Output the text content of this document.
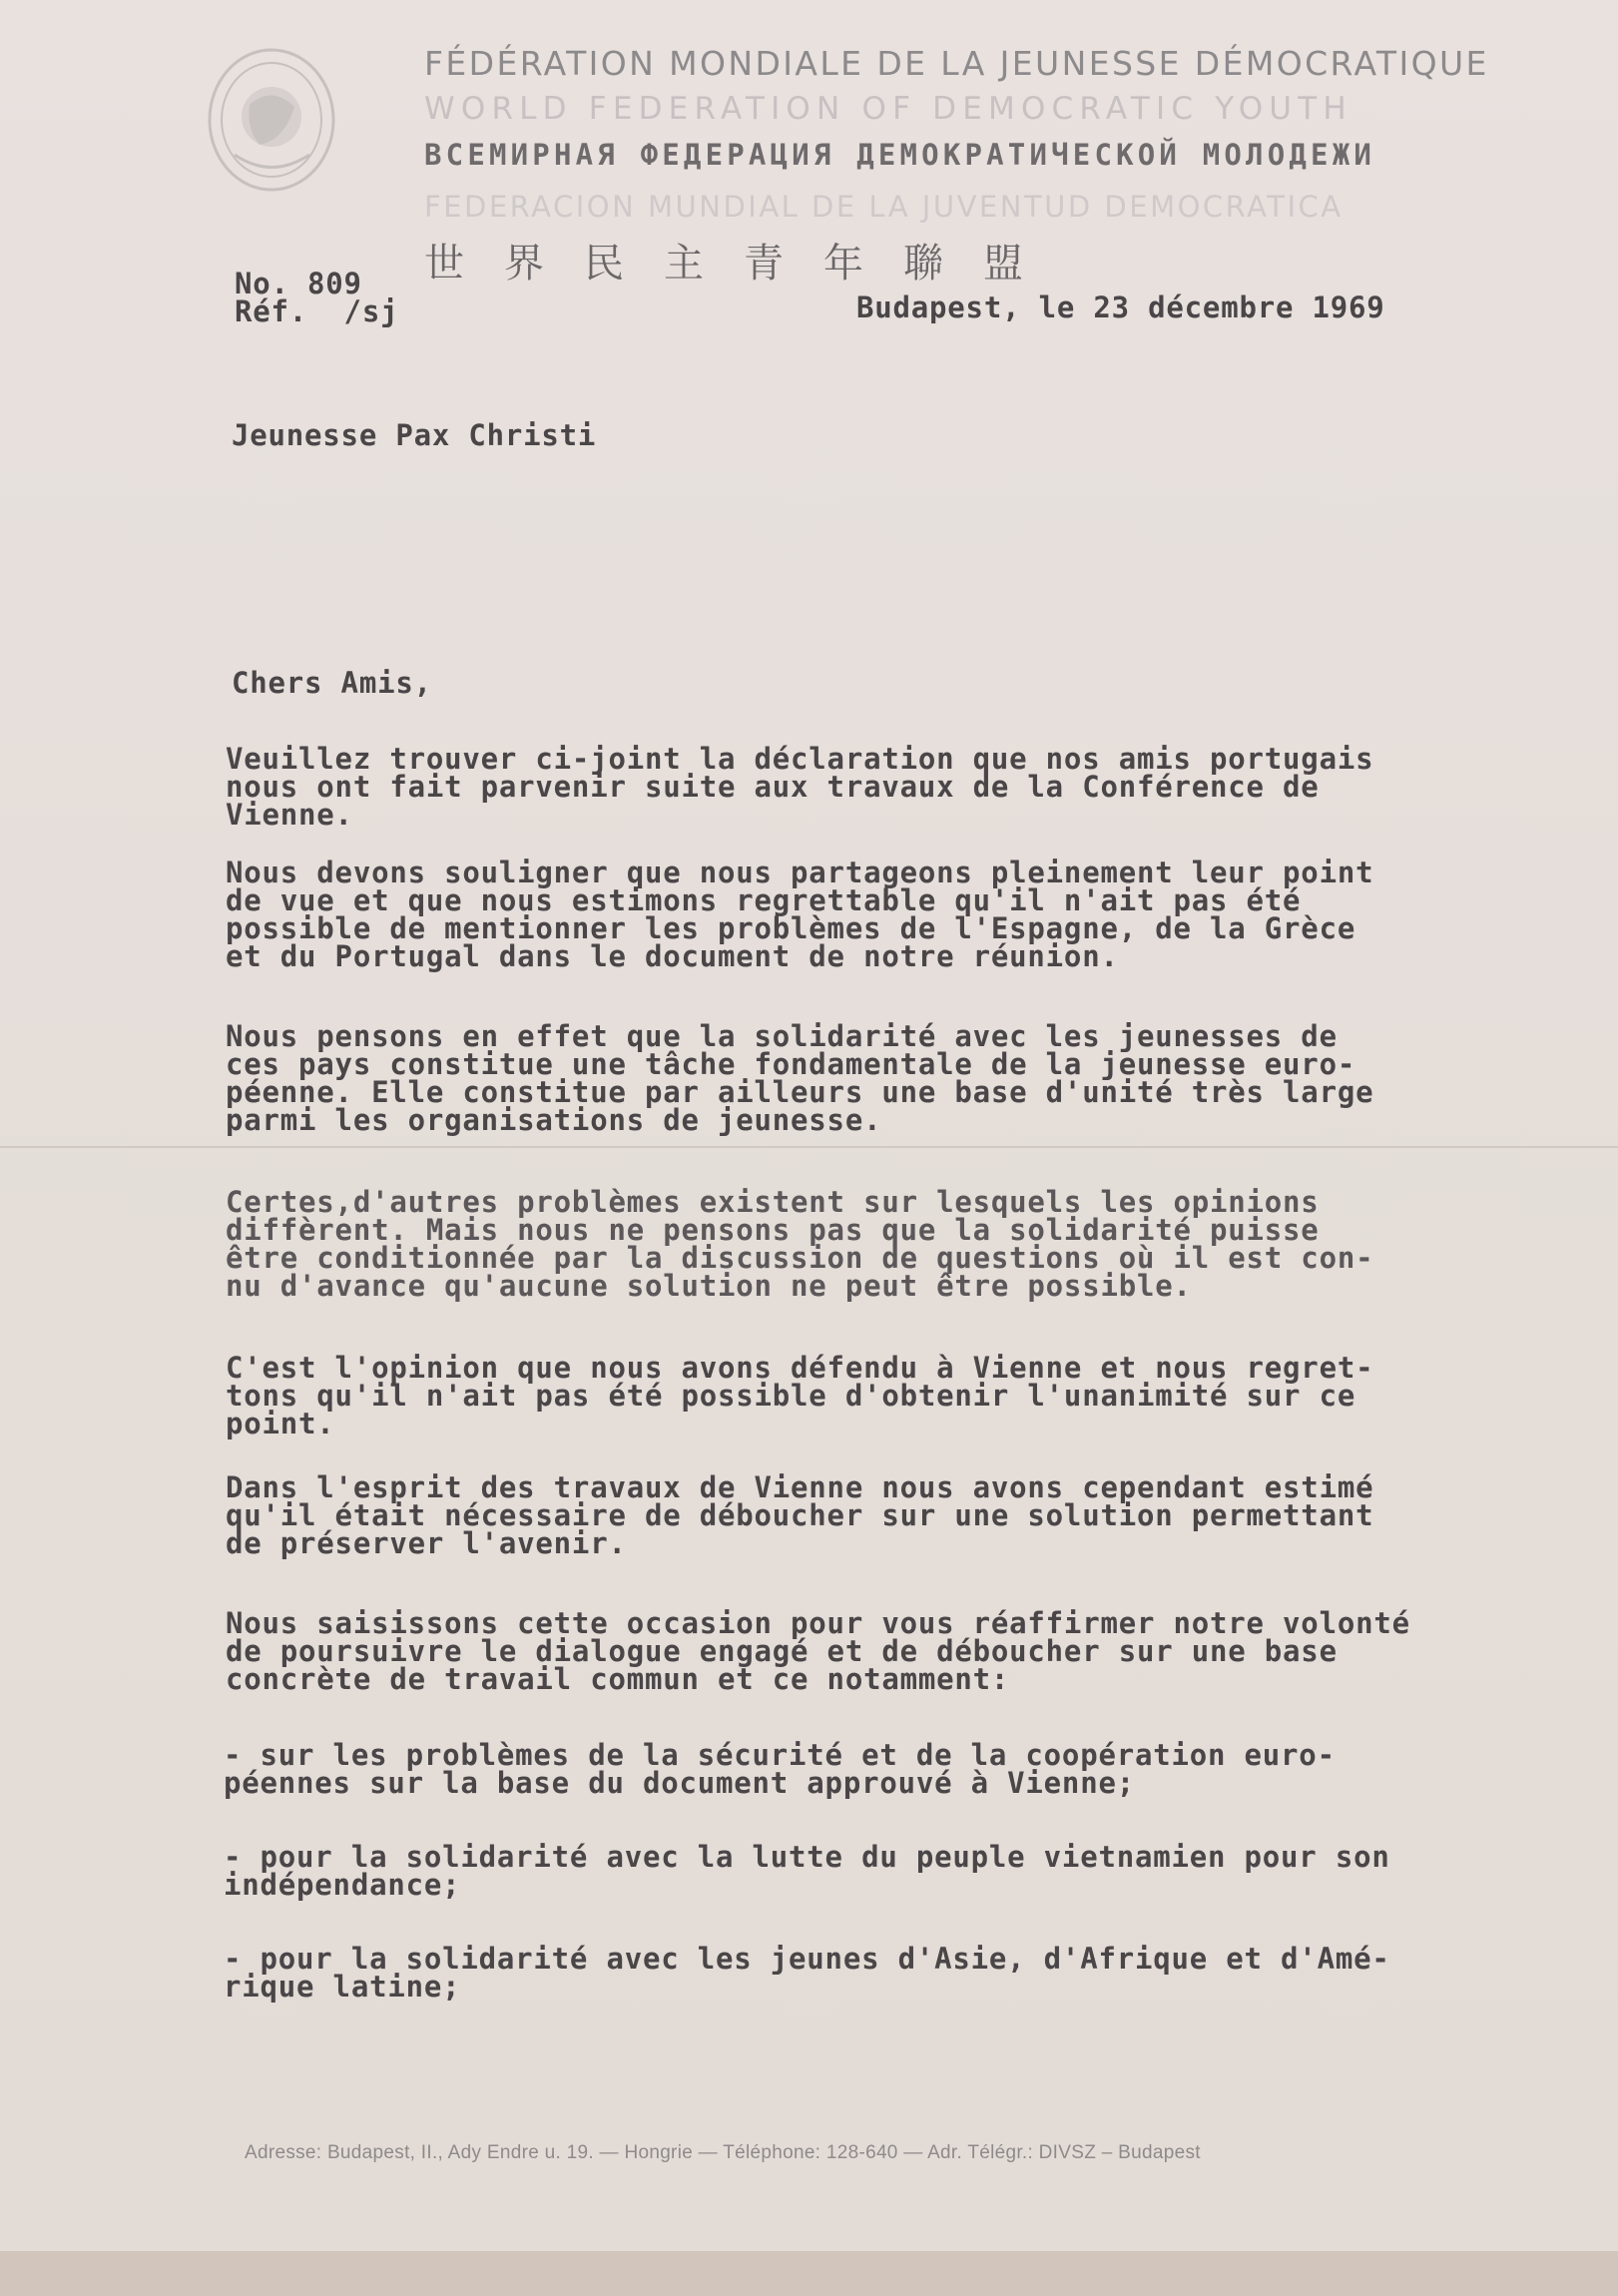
FÉDÉRATION MONDIALE DE LA JEUNESSE DÉMOCRATIQUE
WORLD FEDERATION OF DEMOCRATIC YOUTH
ВСЕМИРНАЯ ФЕДЕРАЦИЯ ДЕМОКРАТИЧЕСКОЙ МОЛОДЕЖИ
FEDERACION MUNDIAL DE LA JUVENTUD DEMOCRATICA
世界民主青年聯盟
No. 809
Réf.  /sj	Budapest, le 23 décembre 1969
Jeunesse Pax Christi
Chers Amis,
Veuillez trouver ci-joint la déclaration que nos amis portugais
nous ont fait parvenir suite aux travaux de la Conférence de
Vienne.
Nous devons souligner que nous partageons pleinement leur point
de vue et que nous estimons regrettable qu'il n'ait pas été
possible de mentionner les problèmes de l'Espagne, de la Grèce
et du Portugal dans le document de notre réunion.
Nous pensons en effet que la solidarité avec les jeunesses de
ces pays constitue une tâche fondamentale de la jeunesse euro-
péenne. Elle constitue par ailleurs une base d'unité très large
parmi les organisations de jeunesse.
Certes,d'autres problèmes existent sur lesquels les opinions
diffèrent. Mais nous ne pensons pas que la solidarité puisse
être conditionnée par la discussion de questions où il est con-
nu d'avance qu'aucune solution ne peut être possible.
C'est l'opinion que nous avons défendu à Vienne et nous regret-
tons qu'il n'ait pas été possible d'obtenir l'unanimité sur ce
point.
Dans l'esprit des travaux de Vienne nous avons cependant estimé
qu'il était nécessaire de déboucher sur une solution permettant
de préserver l'avenir.
Nous saisissons cette occasion pour vous réaffirmer notre volonté
de poursuivre le dialogue engagé et de déboucher sur une base
concrète de travail commun et ce notamment:
- sur les problèmes de la sécurité et de la coopération euro-
péennes sur la base du document approuvé à Vienne;
- pour la solidarité avec la lutte du peuple vietnamien pour son
indépendance;
- pour la solidarité avec les jeunes d'Asie, d'Afrique et d'Amé-
rique latine;
Adresse: Budapest, II., Ady Endre u. 19. — Hongrie — Téléphone: 128-640 — Adr. Télégr.: DIVSZ – Budapest
